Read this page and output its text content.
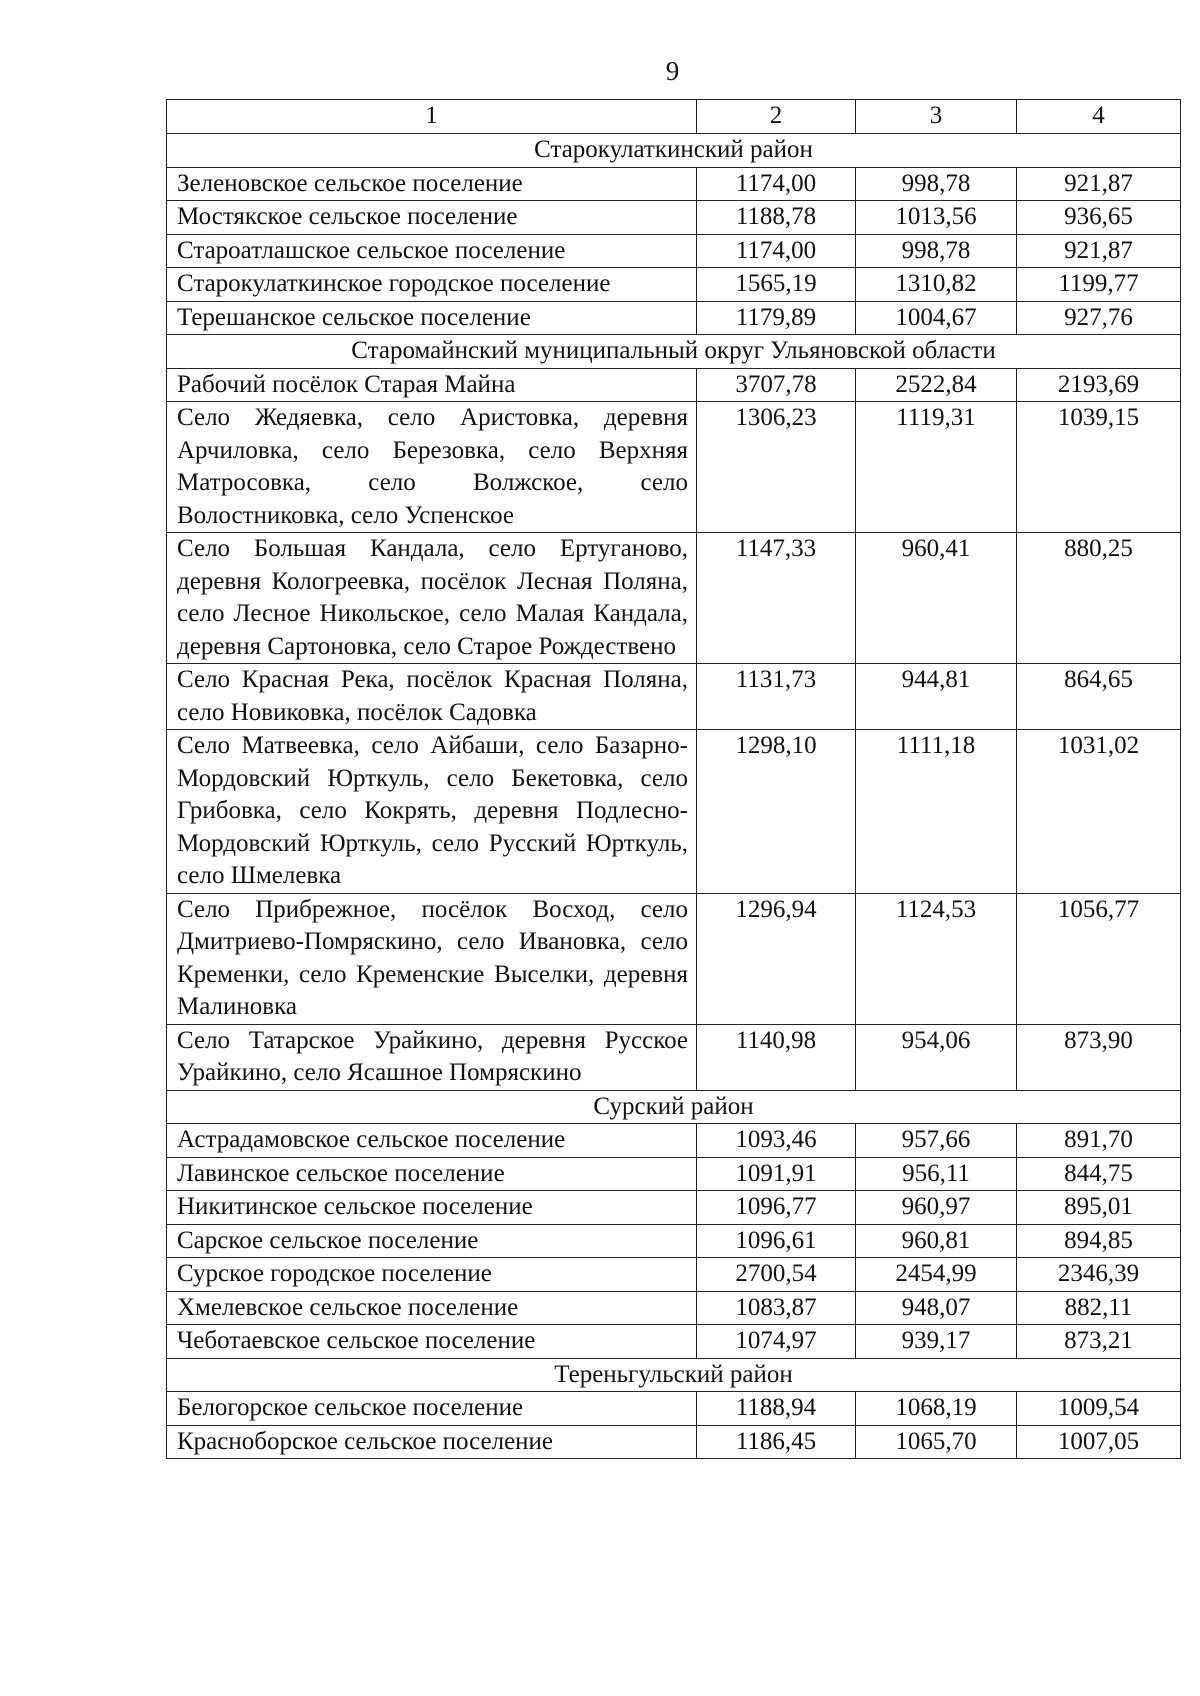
9
1	2	3	4
Старокулаткинский район			
Зеленовское сельское поселение	1174,00	998,78	921,87
Мостякское сельское поселение	1188,78	1013,56	936,65
Староатлашское сельское поселение	1174,00	998,78	921,87
Старокулаткинское городское поселение	1565,19	1310,82	1199,77
Терешанское сельское поселение	1179,89	1004,67	927,76
Старомайнский муниципальный округ Ульяновской области			
Рабочий посёлок Старая Майна	3707,78	2522,84	2193,69
Село Жедяевка, село Аристовка, деревня Арчиловка, село Березовка, село Верхняя Матросовка, село Волжское, село Волостниковка, село Успенское	1306,23	1119,31	1039,15
Село Большая Кандала, село Ертуганово, деревня Кологреевка, посёлок Лесная Поляна, село Лесное Никольское, село Малая Кандала, деревня Сартоновка, село Старое Рождествено	1147,33	960,41	880,25
Село Красная Река, посёлок Красная Поляна, село Новиковка, посёлок Садовка	1131,73	944,81	864,65
Село Матвеевка, село Айбаши, село Базарно-Мордовский Юрткуль, село Бекетовка, село Грибовка, село Кокрять, деревня Подлесно-Мордовский Юрткуль, село Русский Юрткуль, село Шмелевка	1298,10	1111,18	1031,02
Село Прибрежное, посёлок Восход, село Дмитриево-Помряскино, село Ивановка, село Кременки, село Кременские Выселки, деревня Малиновка	1296,94	1124,53	1056,77
Село Татарское Урайкино, деревня Русское Урайкино, село Ясашное Помряскино	1140,98	954,06	873,90
Сурский район			
Астрадамовское сельское поселение	1093,46	957,66	891,70
Лавинское сельское поселение	1091,91	956,11	844,75
Никитинское сельское поселение	1096,77	960,97	895,01
Сарское сельское поселение	1096,61	960,81	894,85
Сурское городское поселение	2700,54	2454,99	2346,39
Хмелевское сельское поселение	1083,87	948,07	882,11
Чеботаевское сельское поселение	1074,97	939,17	873,21
Тереньгульский район			
Белогорское сельское поселение	1188,94	1068,19	1009,54
Красноборское сельское поселение	1186,45	1065,70	1007,05
